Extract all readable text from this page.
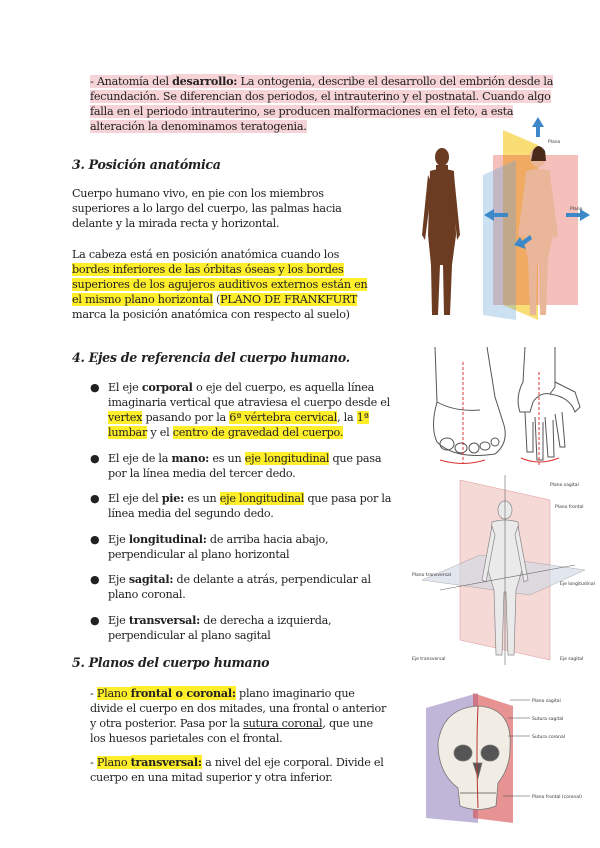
- Anatomía del desarrollo: La ontogenia, describe el desarrollo del embrión desde la fecundación. Se diferencian dos periodos, el intrauterino y el postnatal. Cuando algo falla en el periodo intrauterino, se producen malformaciones en el feto, a esta alteración la denominamos teratogenia.
3. Posición anatómica
Cuerpo humano vivo, en pie con los miembros superiores a lo largo del cuerpo, las palmas hacia delante y la mirada recta y horizontal.
La cabeza está en posición anatómica cuando los bordes inferiores de las órbitas óseas y los bordes superiores de los agujeros auditivos externos están en el mismo plano horizontal (PLANO DE FRANKFURT marca la posición anatómica con respecto al suelo)
4. Ejes de referencia del cuerpo humano.
● El eje corporal o eje del cuerpo, es aquella línea imaginaria vertical que atraviesa el cuerpo desde el vertex pasando por la 6ª vértebra cervical, la 1ª lumbar y el centro de gravedad del cuerpo.
● El eje de la mano: es un eje longitudinal que pasa por la línea media del tercer dedo.
● El eje del pie: es un eje longitudinal que pasa por la línea media del segundo dedo.
● Eje longitudinal: de arriba hacia abajo, perpendicular al plano horizontal
● Eje sagital: de delante a atrás, perpendicular al plano coronal.
● Eje transversal: de derecha a izquierda, perpendicular al plano sagital
5. Planos del cuerpo humano
- Plano frontal o coronal: plano imaginario que divide el cuerpo en dos mitades, una frontal o anterior y otra posterior. Pasa por la sutura coronal, que une los huesos parietales con el frontal.
- Plano transversal: a nivel del eje corporal. Divide el cuerpo en una mitad superior y otra inferior.
Plano
Plano
Plano sagital
Plano frontal
Plano transversal
Eje longitudinal
Eje sagital
Eje transversal
Plano sagital
Sutura sagital
Sutura coronal
Plano frontal (coronal)
